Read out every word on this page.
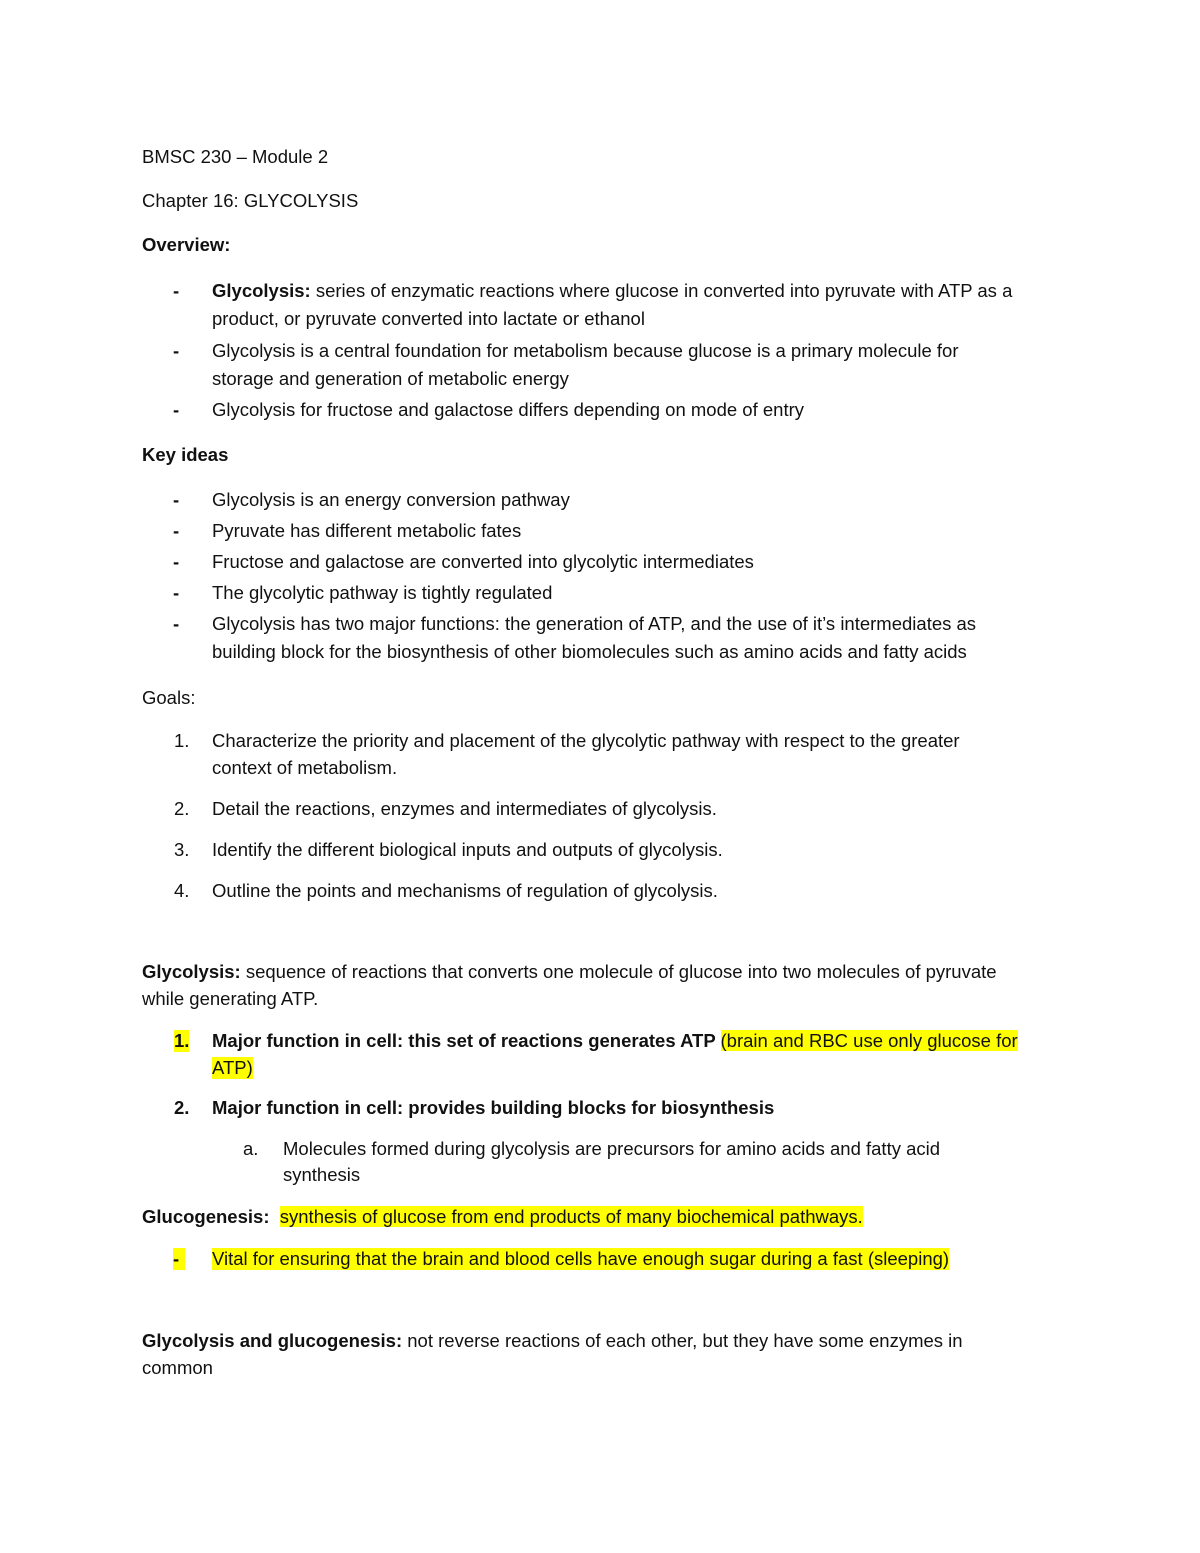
BMSC 230 – Module 2
Chapter 16: GLYCOLYSIS
Overview:
- Glycolysis: series of enzymatic reactions where glucose in converted into pyruvate with ATP as a
product, or pyruvate converted into lactate or ethanol
- Glycolysis is a central foundation for metabolism because glucose is a primary molecule for
storage and generation of metabolic energy
- Glycolysis for fructose and galactose differs depending on mode of entry
Key ideas
- Glycolysis is an energy conversion pathway
- Pyruvate has different metabolic fates
- Fructose and galactose are converted into glycolytic intermediates
- The glycolytic pathway is tightly regulated
- Glycolysis has two major functions: the generation of ATP, and the use of it’s intermediates as
building block for the biosynthesis of other biomolecules such as amino acids and fatty acids
Goals:
1. Characterize the priority and placement of the glycolytic pathway with respect to the greater
context of metabolism.
2. Detail the reactions, enzymes and intermediates of glycolysis.
3. Identify the different biological inputs and outputs of glycolysis.
4. Outline the points and mechanisms of regulation of glycolysis.
Glycolysis: sequence of reactions that converts one molecule of glucose into two molecules of pyruvate
while generating ATP.
1. Major function in cell: this set of reactions generates ATP (brain and RBC use only glucose for
ATP)
2. Major function in cell: provides building blocks for biosynthesis
a. Molecules formed during glycolysis are precursors for amino acids and fatty acid
synthesis
Glucogenesis: synthesis of glucose from end products of many biochemical pathways.
-	Vital for ensuring that the brain and blood cells have enough sugar during a fast (sleeping)
Glycolysis and glucogenesis: not reverse reactions of each other, but they have some enzymes in
common
